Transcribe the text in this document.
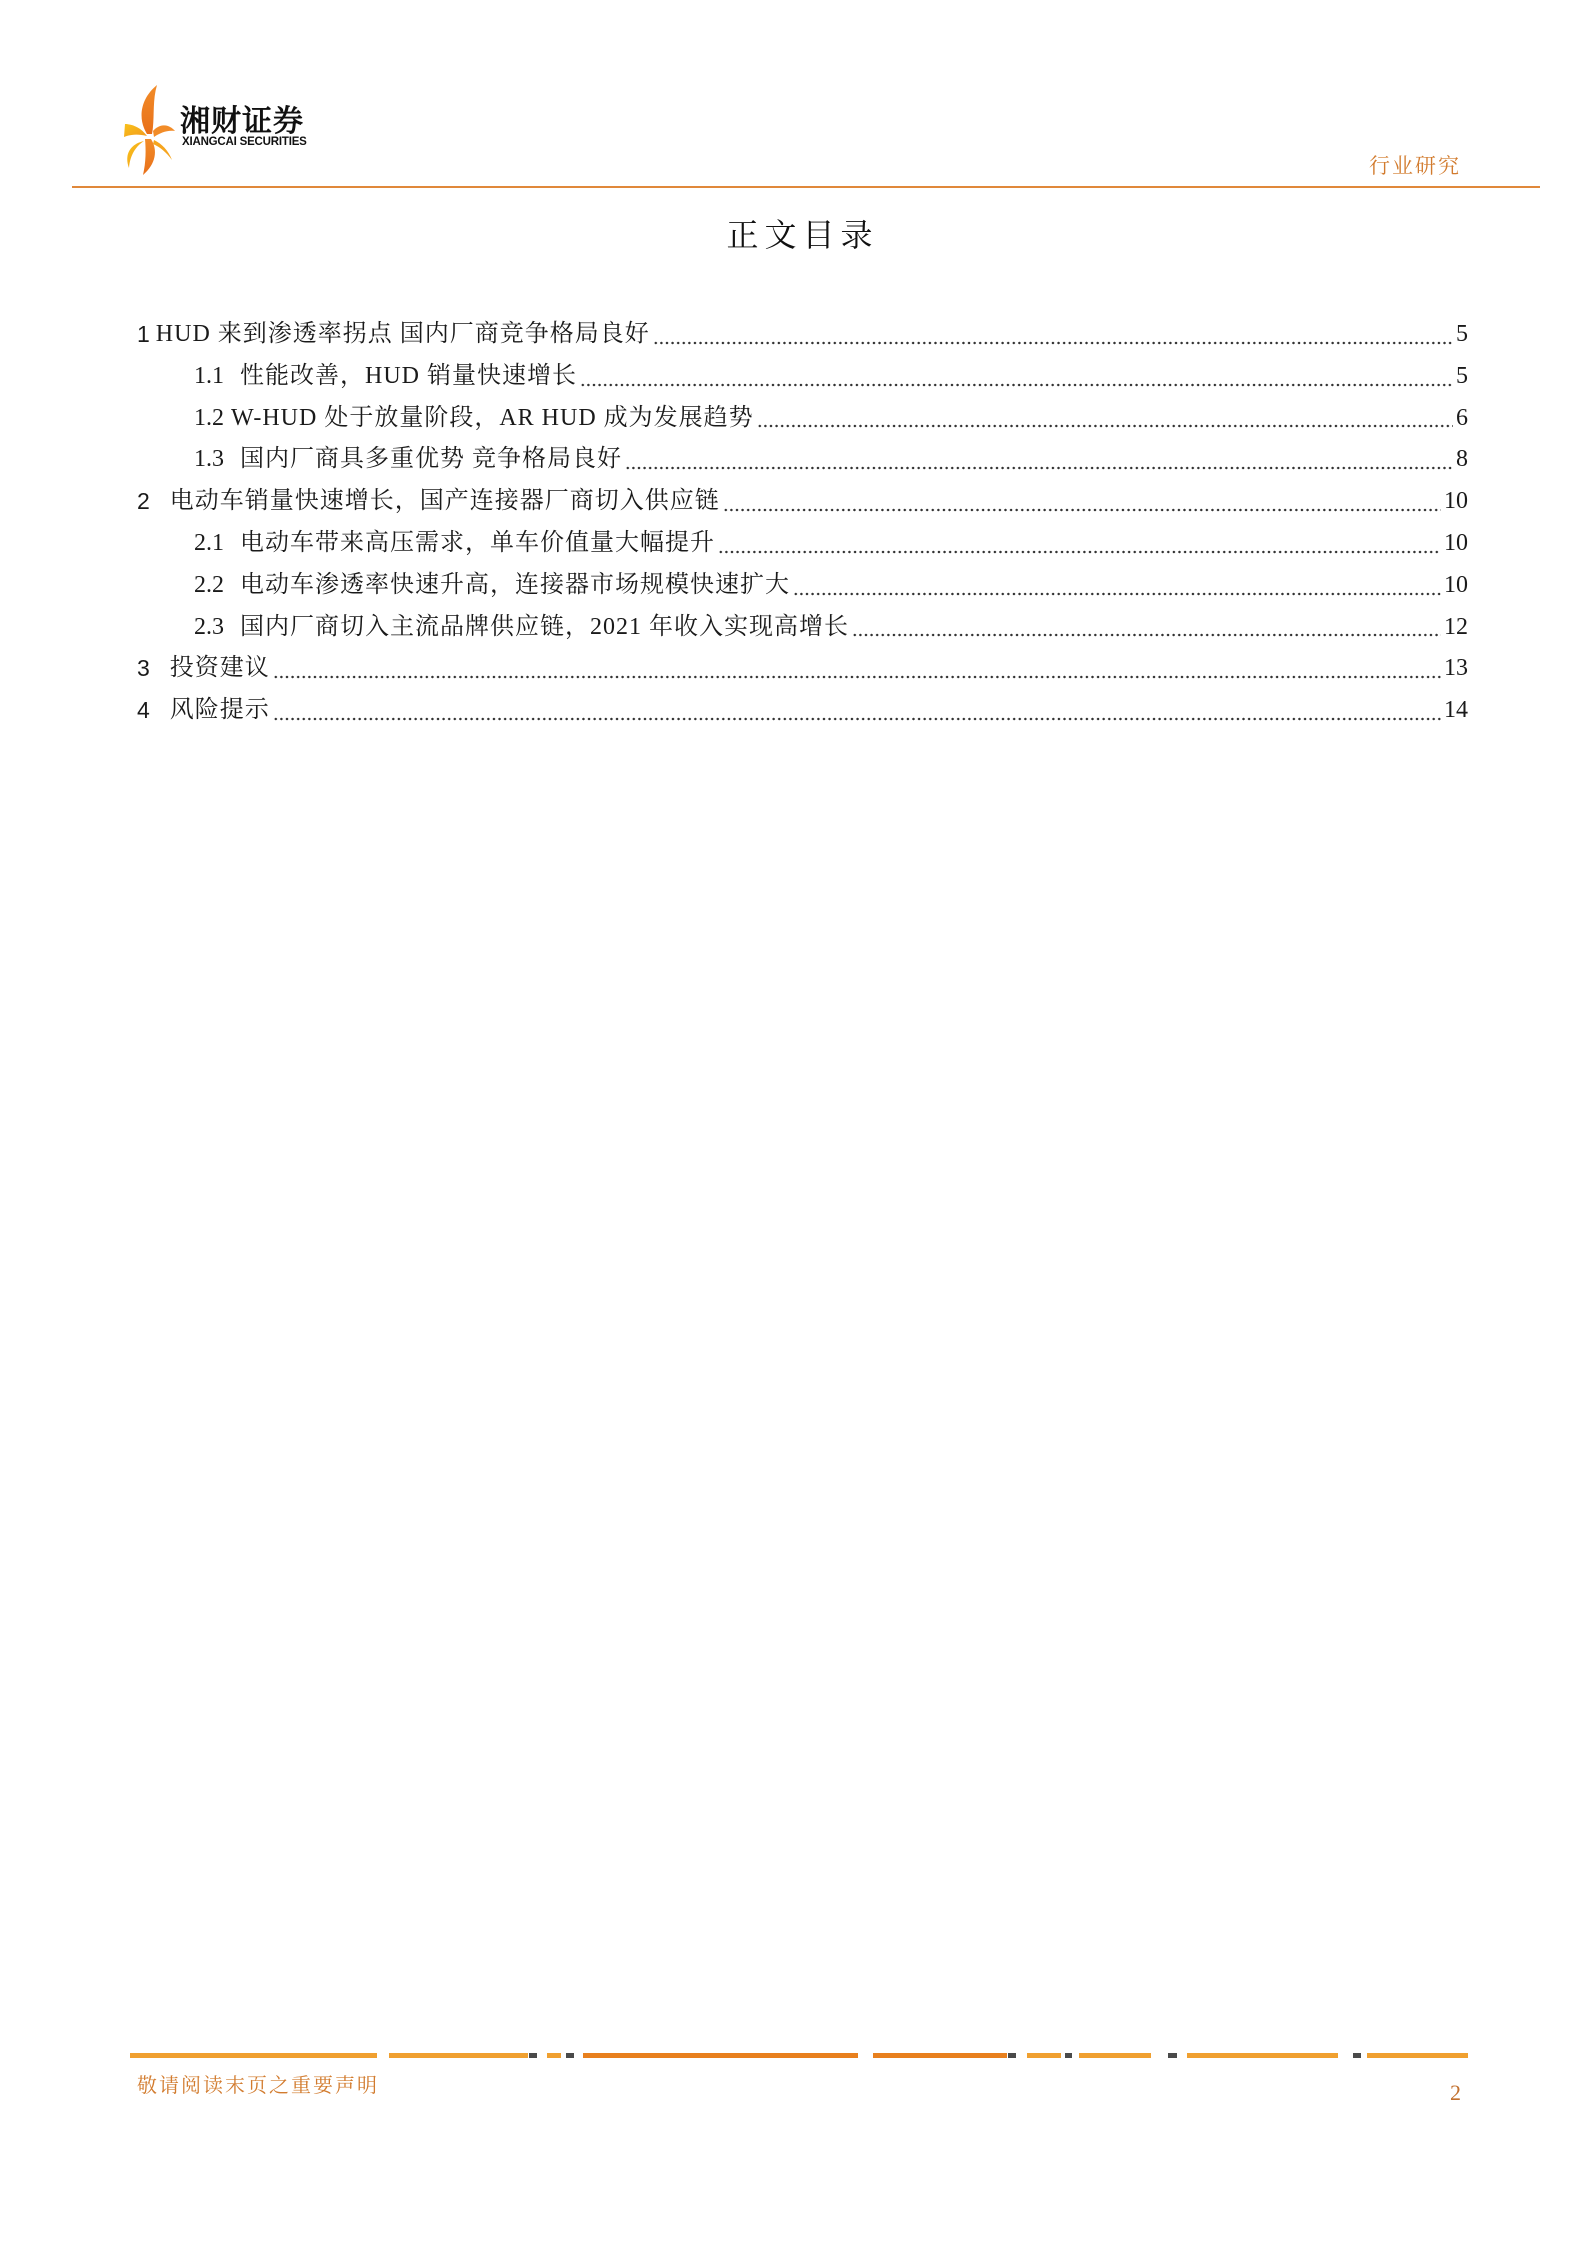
湘财证券
XIANGCAI SECURITIES
行业研究
正文目录
1 HUD 来到渗透率拐点 国内厂商竞争格局良好	5
1.1 性能改善，HUD 销量快速增长	5
1.2 W-HUD 处于放量阶段，AR HUD 成为发展趋势	6
1.3 国内厂商具多重优势 竞争格局良好	8
2 电动车销量快速增长，国产连接器厂商切入供应链	10
2.1 电动车带来高压需求，单车价值量大幅提升	10
2.2 电动车渗透率快速升高，连接器市场规模快速扩大	10
2.3 国内厂商切入主流品牌供应链，2021 年收入实现高增长	12
3 投资建议	13
4 风险提示	14
敬请阅读末页之重要声明	2
